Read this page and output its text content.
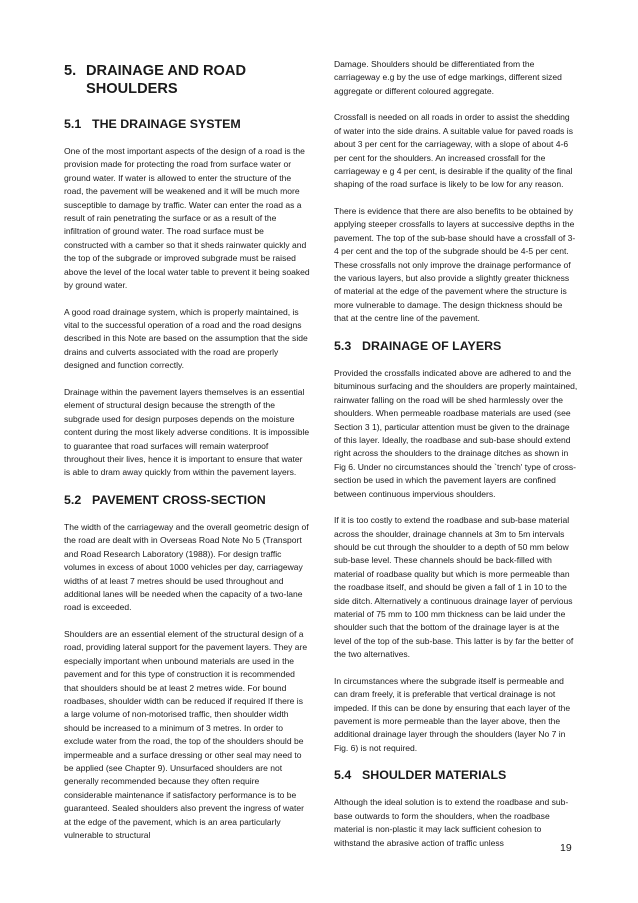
5. DRAINAGE AND ROAD SHOULDERS
5.1 THE DRAINAGE SYSTEM

One of the most important aspects of the design of a road is the provision made for protecting the road from surface water or ground water. If water is allowed to enter the structure of the road, the pavement will be weakened and it will be much more susceptible to damage by traffic. Water can enter the road as a result of rain penetrating the surface or as a result of the infiltration of ground water. The road surface must be constructed with a camber so that it sheds rainwater quickly and the top of the subgrade or improved subgrade must be raised above the level of the local water table to prevent it being soaked by ground water.

A good road drainage system, which is properly maintained, is vital to the successful operation of a road and the road designs described in this Note are based on the assumption that the side drains and culverts associated with the road are properly designed and function correctly.

Drainage within the pavement layers themselves is an essential element of structural design because the strength of the subgrade used for design purposes depends on the moisture content during the most likely adverse conditions. It is impossible to guarantee that road surfaces will remain waterproof throughout their lives, hence it is important to ensure that water is able to dram away quickly from within the pavement layers.

5.2 PAVEMENT CROSS-SECTION

The width of the carriageway and the overall geometric design of the road are dealt with in Overseas Road Note No 5 (Transport and Road Research Laboratory (1988)). For design traffic volumes in excess of about 1000 vehicles per day, carriageway widths of at least 7 metres should be used throughout and additional lanes will be needed when the capacity of a two-lane road is exceeded.

Shoulders are an essential element of the structural design of a road, providing lateral support for the pavement layers. They are especially important when unbound materials are used in the pavement and for this type of construction it is recommended that shoulders should be at least 2 metres wide. For bound roadbases, shoulder width can be reduced if required If there is a large volume of non-motorised traffic, then shoulder width should be increased to a minimum of 3 metres. In order to exclude water from the road, the top of the shoulders should be impermeable and a surface dressing or other seal may need to be applied (see Chapter 9). Unsurfaced shoulders are not generally recommended because they often require considerable maintenance if satisfactory performance is to be guaranteed. Sealed shoulders also prevent the ingress of water at the edge of the pavement, which is an area particularly vulnerable to structural

Damage. Shoulders should be differentiated from the carriageway e.g by the use of edge markings, different sized aggregate or different coloured aggregate.

Crossfall is needed on all roads in order to assist the shedding of water into the side drains. A suitable value for paved roads is about 3 per cent for the carriageway, with a slope of about 4-6 per cent for the shoulders. An increased crossfall for the carriageway e g 4 per cent, is desirable if the quality of the final shaping of the road surface is likely to be low for any reason.

There is evidence that there are also benefits to be obtained by applying steeper crossfalls to layers at successive depths in the pavement. The top of the sub-base should have a crossfall of 3-4 per cent and the top of the subgrade should be 4-5 per cent. These crossfalls not only improve the drainage performance of the various layers, but also provide a slightly greater thickness of material at the edge of the pavement where the structure is more vulnerable to damage. The design thickness should be that at the centre line of the pavement.

5.3 DRAINAGE OF LAYERS

Provided the crossfalls indicated above are adhered to and the bituminous surfacing and the shoulders are properly maintained, rainwater falling on the road will be shed harmlessly over the shoulders. When permeable roadbase materials are used (see Section 3 1), particular attention must be given to the drainage of this layer. Ideally, the roadbase and sub-base should extend right across the shoulders to the drainage ditches as shown in Fig 6. Under no circumstances should the `trench' type of cross-section be used in which the pavement layers are confined between continuous impervious shoulders.

If it is too costly to extend the roadbase and sub-base material across the shoulder, drainage channels at 3m to 5m intervals should be cut through the shoulder to a depth of 50 mm below sub-base level. These channels should be back-filled with material of roadbase quality but which is more permeable than the roadbase itself, and should be given a fall of 1 in 10 to the side ditch. Alternatively a continuous drainage layer of pervious material of 75 mm to 100 mm thickness can be laid under the shoulder such that the bottom of the drainage layer is at the level of the top of the sub-base. This latter is by far the better of the two alternatives.

In circumstances where the subgrade itself is permeable and can dram freely, it is preferable that vertical drainage is not impeded. If this can be done by ensuring that each layer of the pavement is more permeable than the layer above, then the additional drainage layer through the shoulders (layer No 7 in Fig. 6) is not required.

5.4 SHOULDER MATERIALS

Although the ideal solution is to extend the roadbase and sub-base outwards to form the shoulders, when the roadbase material is non-plastic it may lack sufficient cohesion to withstand the abrasive action of traffic unless	19
